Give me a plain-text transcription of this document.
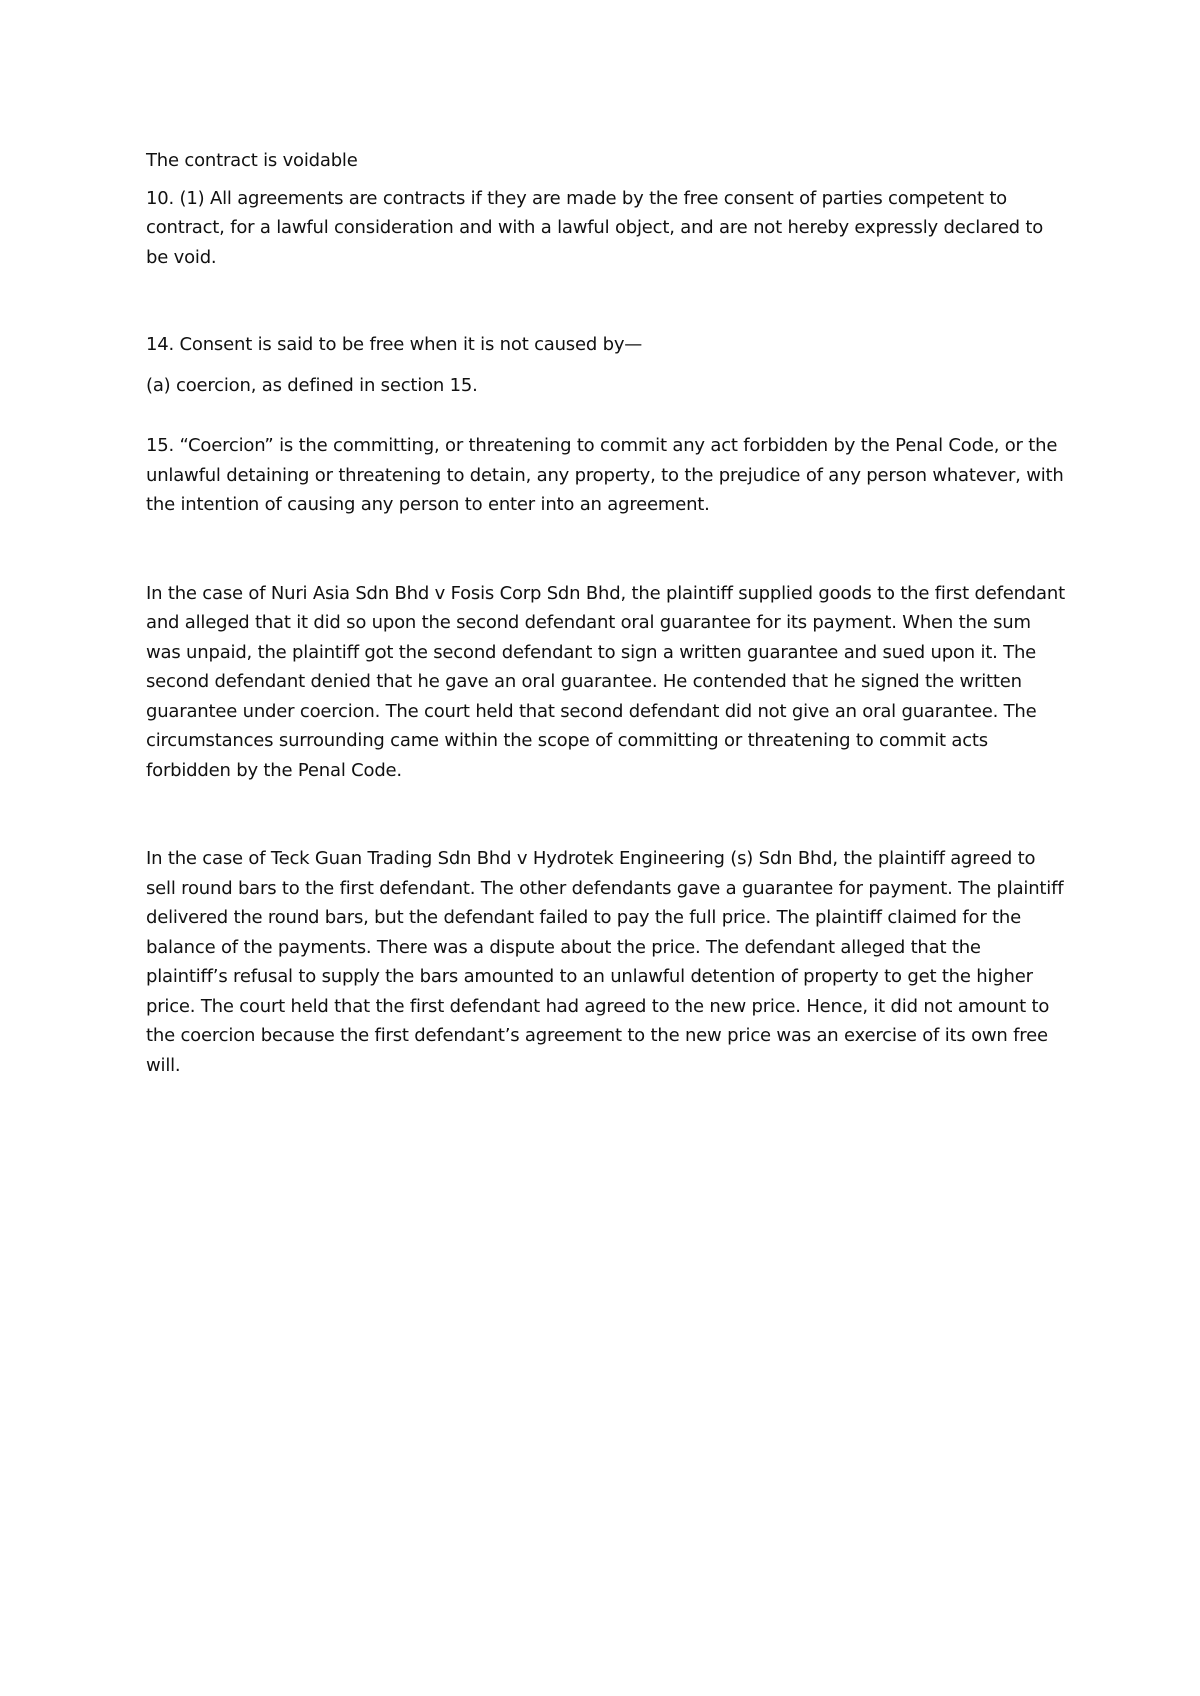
The contract is voidable

10. (1) All agreements are contracts if they are made by the free consent of parties competent to contract, for a lawful consideration and with a lawful object, and are not hereby expressly declared to be void.

14. Consent is said to be free when it is not caused by—

(a) coercion, as defined in section 15.

15. “Coercion” is the committing, or threatening to commit any act forbidden by the Penal Code, or the unlawful detaining or threatening to detain, any property, to the prejudice of any person whatever, with the intention of causing any person to enter into an agreement.

In the case of Nuri Asia Sdn Bhd v Fosis Corp Sdn Bhd, the plaintiff supplied goods to the first defendant and alleged that it did so upon the second defendant oral guarantee for its payment. When the sum was unpaid, the plaintiff got the second defendant to sign a written guarantee and sued upon it. The second defendant denied that he gave an oral guarantee. He contended that he signed the written guarantee under coercion. The court held that second defendant did not give an oral guarantee. The circumstances surrounding came within the scope of committing or threatening to commit acts forbidden by the Penal Code.

In the case of Teck Guan Trading Sdn Bhd v Hydrotek Engineering (s) Sdn Bhd, the plaintiff agreed to sell round bars to the first defendant. The other defendants gave a guarantee for payment. The plaintiff delivered the round bars, but the defendant failed to pay the full price. The plaintiff claimed for the balance of the payments. There was a dispute about the price. The defendant alleged that the plaintiff’s refusal to supply the bars amounted to an unlawful detention of property to get the higher price. The court held that the first defendant had agreed to the new price. Hence, it did not amount to the coercion because the first defendant’s agreement to the new price was an exercise of its own free will.
